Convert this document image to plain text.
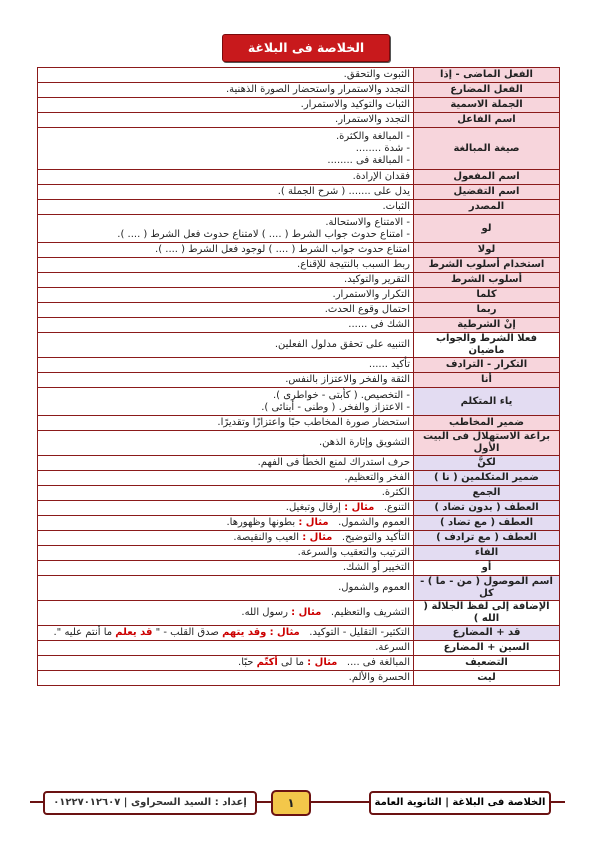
الخلاصة فى البلاغة
الفعل الماضى - إذا	الثبوت والتحقق.

الفعل المضارع	التجدد والاستمرار واستحضار الصورة الذهنية.

الجملة الاسمية	الثبات والتوكيد والاستمرار.

اسم الفاعل	التجدد والاستمرار.

صيغة المبالغة	- المبالغة والكثرة.
- شدة ........
- المبالغة فى ........

اسم المفعول	فقدان الإرادة.

اسم التفضيل	يدل على ....... ( شرح الجملة ).

المصدر	الثبات.

لو	- الامتناع والاستحالة.
- امتناع حدوث جواب الشرط ( .... ) لامتناع حدوث فعل الشرط ( .... ).

لولا	امتناع حدوث جواب الشرط ( .... ) لوجود فعل الشرط ( .... ).

استخدام أسلوب الشرط	ربط السبب بالنتيجة للإقناع.

أسلوب الشرط	التقرير والتوكيد.

كلما	التكرار والاستمرار.

ربما	احتمال وقوع الحدث.

إنْ الشرطية	الشك فى ......

فعلا الشرط والجواب ماضيان	التنبيه على تحقق مدلول الفعلين.

التكرار - الترادف	تأكيد ......

أنا	الثقة والفخر والاعتزاز بالنفس.

ياء المتكلم	- التخصيص. ( كأبتى - خواطرى ).
- الاعتزاز والفخر. ( وطنى - أبنائى ).

ضمير المخاطب	استحضار صورة المخاطب حبًا واعتزازًا وتقديرًا.

براعة الاستهلال فى البيت الأول	التشويق وإثارة الذهن.

لكنَّ	حرف استدراك لمنع الخطأ فى الفهم.

ضمير المتكلمين ( نا )	الفخر والتعظيم.

الجمع	الكثرة.

العطف ( بدون تضاد )	التنوع.   مثال : إرقال وتبغيل.
العطف ( مع تضاد )	العموم والشمول.   مثال : بطونها وظهورها.
العطف ( مع ترادف )	التأكيد والتوضيح.   مثال : العيب والنقيصة.
الفاء	الترتيب والتعقيب والسرعة.

أو	التخيير أو الشك.

اسم الموصول ( من - ما ) - كل	العموم والشمول.

الإضافة إلى لفظ الجلالة ( الله )	التشريف والتعظيم.   مثال : رسول الله.
قد + المضارع	التكثير- التقليل - التوكيد.   مثال : وقد يتهم صدق القلب - " قد يعلم ما أنتم عليه ".
السين + المضارع	السرعة.

التضعيف	المبالغة فى ....   مثال : ما لى أكتّم حبًا.
ليت	الحسرة والألم.
الخلاصة فى البلاغة | الثانوية العامة
١
إعداد : السيد السحراوى | ٠١٢٢٧٠١٢٦٠٧
